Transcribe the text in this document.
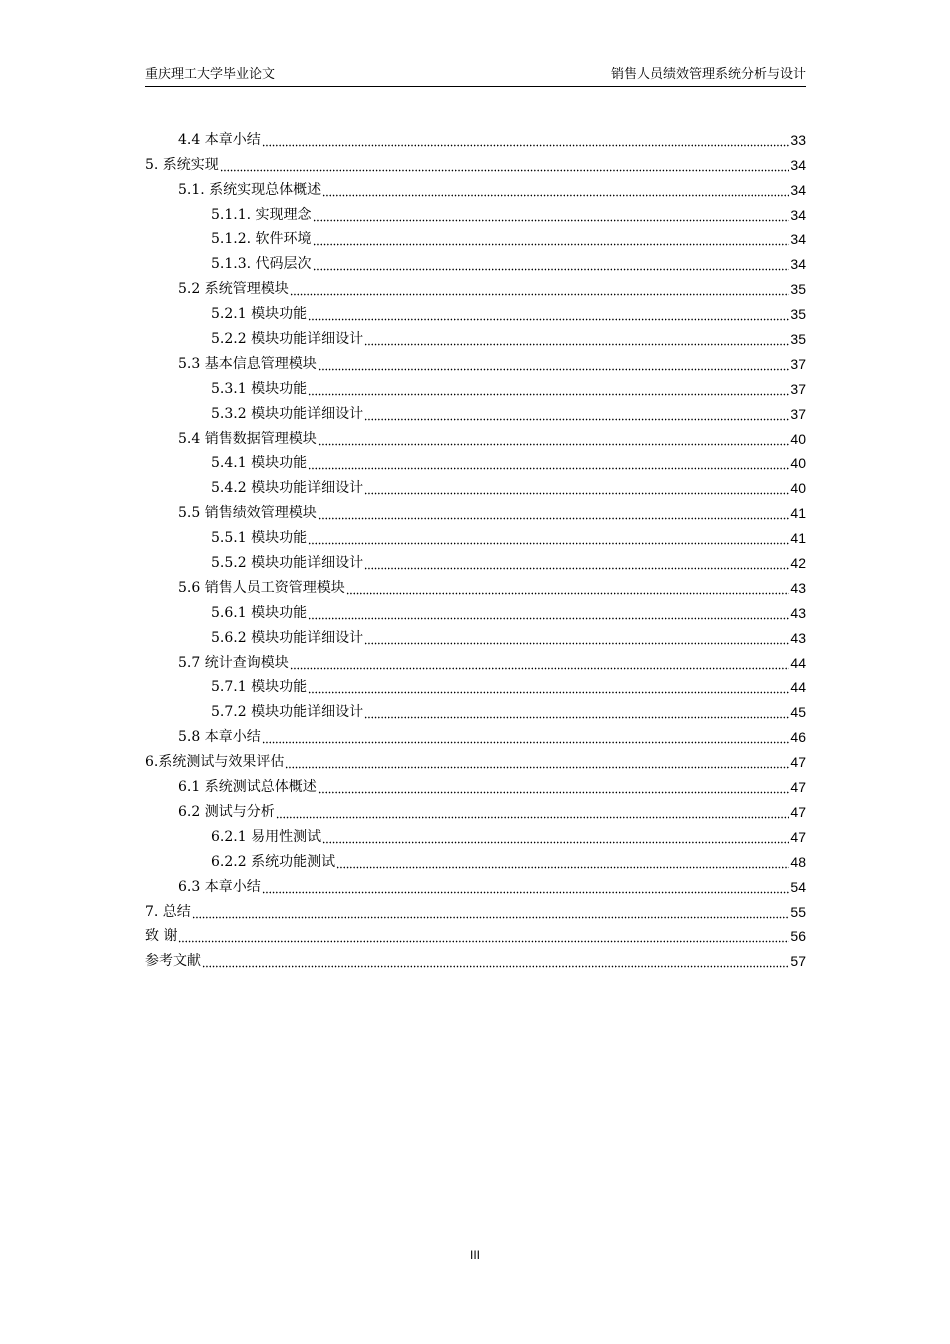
重庆理工大学毕业论文	销售人员绩效管理系统分析与设计
4.4 本章小结	33
5. 系统实现	34
5.1. 系统实现总体概述	34
5.1.1. 实现理念	34
5.1.2. 软件环境	34
5.1.3. 代码层次	34
5.2 系统管理模块	35
5.2.1 模块功能	35
5.2.2 模块功能详细设计	35
5.3 基本信息管理模块	37
5.3.1 模块功能	37
5.3.2 模块功能详细设计	37
5.4 销售数据管理模块	40
5.4.1 模块功能	40
5.4.2 模块功能详细设计	40
5.5 销售绩效管理模块	41
5.5.1 模块功能	41
5.5.2 模块功能详细设计	42
5.6 销售人员工资管理模块	43
5.6.1 模块功能	43
5.6.2 模块功能详细设计	43
5.7 统计查询模块	44
5.7.1 模块功能	44
5.7.2 模块功能详细设计	45
5.8 本章小结	46
6.系统测试与效果评估	47
6.1 系统测试总体概述	47
6.2 测试与分析	47
6.2.1 易用性测试	47
6.2.2 系统功能测试	48
6.3 本章小结	54
7. 总结	55
致 谢	56
参考文献	57
III
